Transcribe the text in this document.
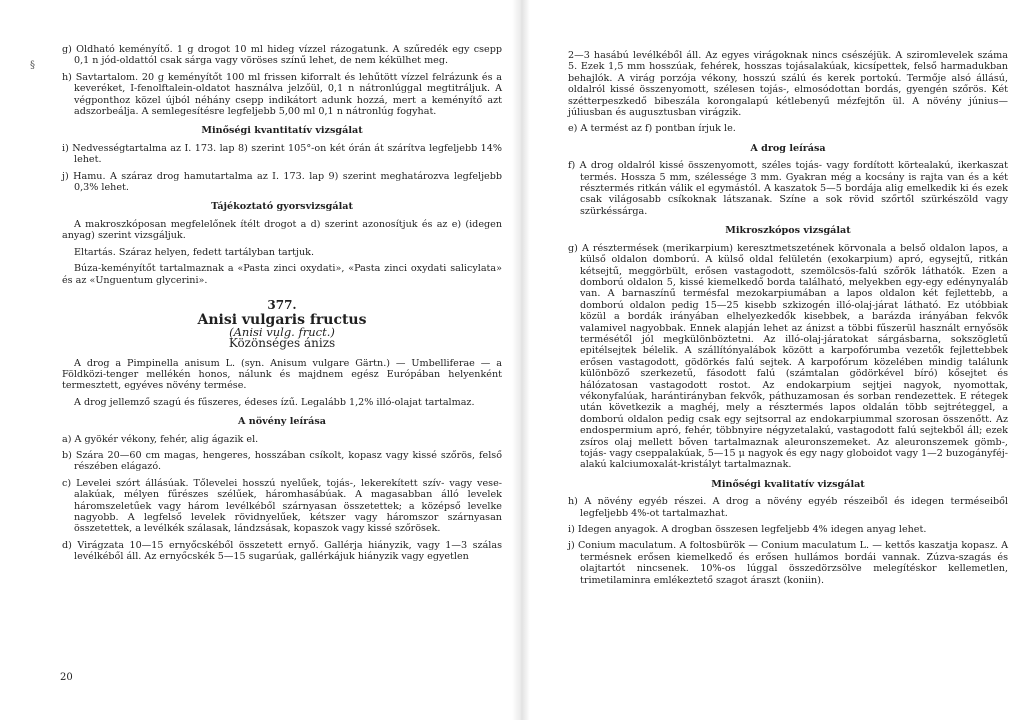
§

g) Oldható keményítő. 1 g drogot 10 ml hideg vízzel rázogatunk. A szűredék egy csepp 0,1 n jód-oldattól csak sárga vagy vöröses színű lehet, de nem kékülhet meg.

h) Savtartalom. 20 g keményítőt 100 ml frissen kiforralt és lehűtött vízzel felrázunk és a keveréket, I-fenolftalein-oldatot használva jelzőül, 0,1 n nátronlúggal megtitráljuk. A végponthoz közel újból néhány csepp indikátort adunk hozzá, mert a keményítő azt adszorbeálja. A semlegesítésre legfeljebb 5,00 ml 0,1 n nátronlúg fogyhat.

Minőségi kvantitatív vizsgálat

i) Nedvességtartalma az I. 173. lap 8) szerint 105°-on két órán át szárítva legfeljebb 14% lehet.

j) Hamu. A száraz drog hamutartalma az I. 173. lap 9) szerint meghatározva legfeljebb 0,3% lehet.

Tájékoztató gyorsvizsgálat

A makroszkóposan megfelelőnek ítélt drogot a d) szerint azonosítjuk és az e) (idegen anyag) szerint vizsgáljuk.

Eltartás. Száraz helyen, fedett tartályban tartjuk.

Búza-keményítőt tartalmaznak a «Pasta zinci oxydati», «Pasta zinci oxydati salicylata» és az «Unguentum glycerini».

377.
Anisi vulgaris fructus
(Anisi vulg. fruct.)
Közönséges ánizs

A drog a Pimpinella anisum L. (syn. Anisum vulgare Gärtn.) — Umbelliferae — a Földközi-tenger mellékén honos, nálunk és majdnem egész Európában helyenként termesztett, egyéves növény termése.

A drog jellemző szagú és fűszeres, édeses ízű. Legalább 1,2% illó-olajat tartalmaz.

A növény leírása

a) A gyökér vékony, fehér, alig ágazik el.

b) Szára 20—60 cm magas, hengeres, hosszában csíkolt, kopasz vagy kissé szőrös, felső részében elágazó.

c) Levelei szórt állásúak. Tőlevelei hosszú nyelűek, tojás-, lekerekített szív- vagy vese-alakúak, mélyen fűrészes szélűek, háromhasábúak. A magasabban álló levelek háromszeletűek vagy három levélkéből szárnyasan összetettek; a középső levelke nagyobb. A legfelső levelek rövidnyelűek, kétszer vagy háromszor szárnyasan összetettek, a levélkék szálasak, lándzsásak, kopaszok vagy kissé szőrösek.

d) Virágzata 10—15 ernyőcskéből összetett ernyő. Gallérja hiányzik, vagy 1—3 szálas levélkéből áll. Az ernyőcskék 5—15 sugarúak, gallérkájuk hiányzik vagy egyetlen

20

2—3 hasábú levélkéből áll. Az egyes virágoknak nincs csészéjük. A sziromlevelek száma 5. Ezek 1,5 mm hosszúak, fehérek, hosszas tojásalakúak, kicsípettek, felső harmadukban behajlók. A virág porzója vékony, hosszú szálú és kerek portokú. Termője alsó állású, oldalról kissé összenyomott, szélesen tojás-, elmosódottan bordás, gyengén szőrös. Két szétterpeszkedő bibeszála korongalapú kétlebenyű mézfejtőn ül. A növény június—júliusban és augusztusban virágzik.

e) A termést az f) pontban írjuk le.

A drog leírása

f) A drog oldalról kissé összenyomott, széles tojás- vagy fordított körtealakú, ikerkaszat termés. Hossza 5 mm, szélessége 3 mm. Gyakran még a kocsány is rajta van és a két résztermés ritkán válik el egymástól. A kaszatok 5—5 bordája alig emelkedik ki és ezek csak világosabb csíkoknak látszanak. Színe a sok rövid szőrtől szürkészöld vagy szürkéssárga.

Mikroszkópos vizsgálat

g) A résztermések (merikarpium) keresztmetszetének körvonala a belső oldalon lapos, a külső oldalon domború. A külső oldal felületén (exokarpium) apró, egysejtű, ritkán kétsejtű, meggörbült, erősen vastagodott, szemölcsös-falú szőrök láthatók. Ezen a domború oldalon 5, kissé kiemelkedő borda található, melyekben egy-egy edénynyaláb van. A barnaszínű termésfal mezokarpiumában a lapos oldalon két fejlettebb, a domború oldalon pedig 15—25 kisebb szkizogén illó-olaj-járat látható. Ez utóbbiak közül a bordák irányában elhelyezkedők kisebbek, a barázda irányában fekvők valamivel nagyobbak. Ennek alapján lehet az ánizst a többi fűszerül használt ernyősök termésétől jól megkülönböztetni. Az illó-olaj-járatokat sárgásbarna, sokszögletű epitélsejtek bélelik. A szállítónyalábok között a karpofórumba vezetők fejlettebbek erősen vastagodott, gödörkés falú sejtek. A karpofórum közelében mindig találunk különböző szerkezetű, fásodott falú (számtalan gödörkével bíró) kősejtet és hálózatosan vastagodott rostot. Az endokarpium sejtjei nagyok, nyomottak, vékonyfalúak, harántirányban fekvők, páthuzamosan és sorban rendezettek. E rétegek után következik a maghéj, mely a résztermés lapos oldalán több sejtréteggel, a domború oldalon pedig csak egy sejtsorral az endokarpiummal szorosan összenőtt. Az endospermium apró, fehér, többnyire négyzetalakú, vastagodott falú sejtekből áll; ezek zsíros olaj mellett bőven tartalmaznak aleuronszemeket. Az aleuronszemek gömb-, tojás- vagy cseppalakúak, 5—15 μ nagyok és egy nagy globoidot vagy 1—2 buzogányféj-alakú kalciumoxalát-kristályt tartalmaznak.

Minőségi kvalitatív vizsgálat

h) A növény egyéb részei. A drog a növény egyéb részeiből és idegen terméseiből legfeljebb 4%-ot tartalmazhat.

i) Idegen anyagok. A drogban összesen legfeljebb 4% idegen anyag lehet.

j) Conium maculatum. A foltosbürök — Conium maculatum L. — kettős kaszatja kopasz. A termésnek erősen kiemelkedő és erősen hullámos bordái vannak. Zúzva-szagás és olajtartót nincsenek. 10%-os lúggal összedörzsölve melegítéskor kellemetlen, trimetilaminra emlékeztető szagot áraszt (koniin).
